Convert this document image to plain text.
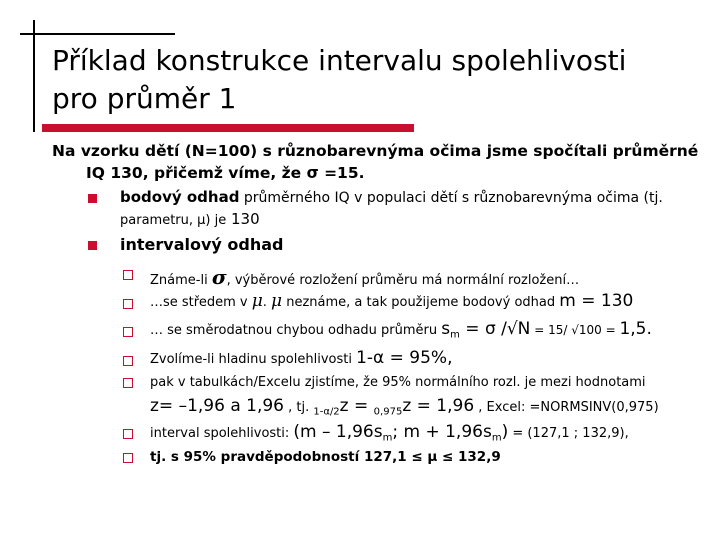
Příklad konstrukce intervalu spolehlivosti
pro průměr 1
Na vzorku dětí (N=100) s různobarevnýma očima jsme spočítali průměrné
IQ 130, přičemž víme, že σ =15.
bodový odhad průměrného IQ v populaci dětí s různobarevnýma očima (tj.
parametru, μ) je 130
intervalový odhad
Známe-li σ, výběrové rozložení průměru má normální rozložení…
…se středem v μ. μ neznáme, a tak použijeme bodový odhad m = 130
… se směrodatnou chybou odhadu průměru $s_m = \sigma$ /√N = 15/ √100 = 1,5.
Zvolíme-li hladinu spolehlivosti 1-α = 95%,
pak v tabulkách/Excelu zjistíme, že 95% normálního rozl. je mezi hodnotami
z= –1,96 a 1,96 , tj. $_{1-\alpha/2}$z = $_{0,975}$z = 1,96 , Excel: =NORMSINV(0,975)
interval spolehlivosti: ($m - 1,96s_m$; $m + 1,96s_m) = (127,1$ ; 132,9),
tj. s 95% pravděpodobností 127,1 ≤ μ ≤ 132,9
